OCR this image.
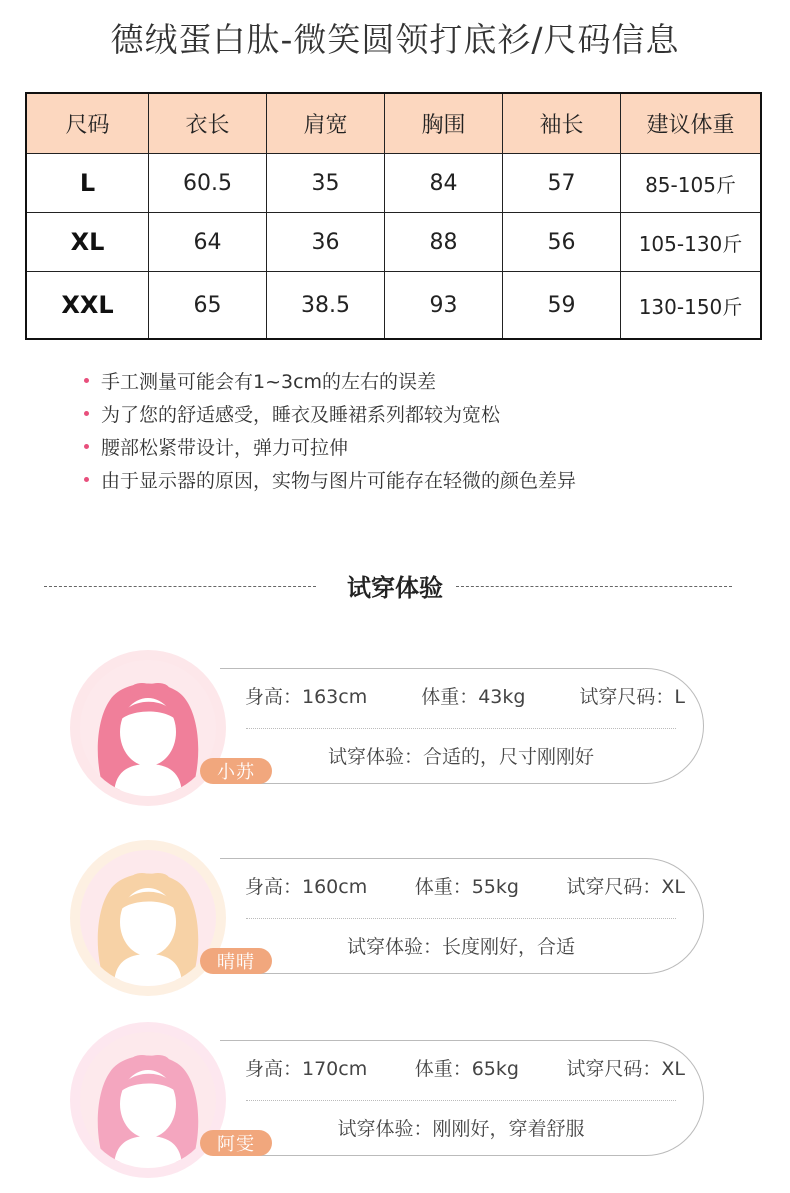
德绒蛋白肽-微笑圆领打底衫/尺码信息
尺码	衣长	肩宽	胸围	袖长	建议体重
L	60.5	35	84	57	85-105斤
XL	64	36	88	56	105-130斤
XXL	65	38.5	93	59	130-150斤
手工测量可能会有1~3cm的左右的误差
为了您的舒适感受，睡衣及睡裙系列都较为宽松
腰部松紧带设计，弹力可拉伸
由于显示器的原因，实物与图片可能存在轻微的颜色差异
试穿体验
小苏
身高：163cm	体重：43kg	试穿尺码：L
试穿体验：合适的，尺寸刚刚好
晴晴
身高：160cm 体重：55kg 试穿尺码：XL
试穿体验：长度刚好，合适
阿雯
身高：170cm 体重：65kg 试穿尺码：XL
试穿体验：刚刚好，穿着舒服
